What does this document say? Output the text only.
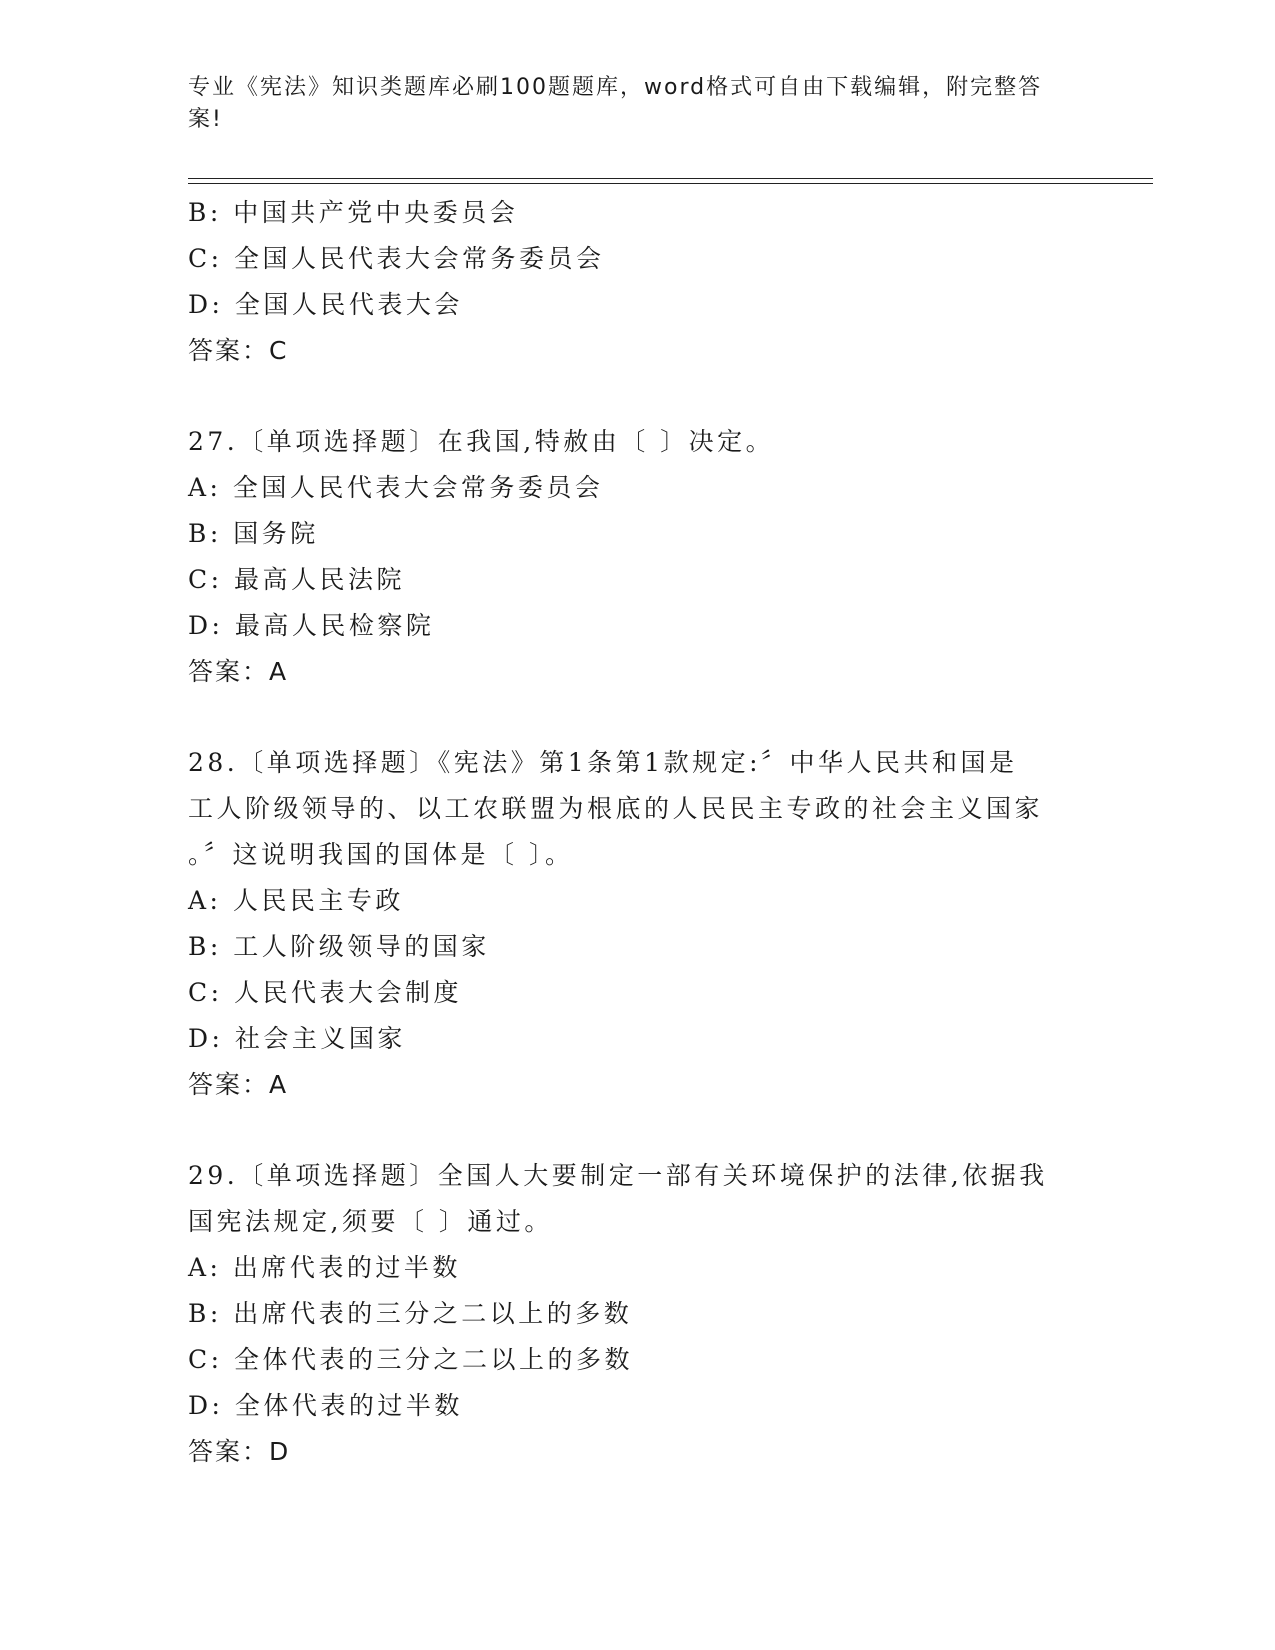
专业《宪法》知识类题库必刷100题题库，word格式可自由下载编辑，附完整答
案!
B: 中国共产党中央委员会
C: 全国人民代表大会常务委员会
D: 全国人民代表大会
答案：C
27.〔单项选择题〕在我国,特赦由〔 〕决定。
A: 全国人民代表大会常务委员会
B: 国务院
C: 最高人民法院
D: 最高人民检察院
答案：A
28.〔单项选择题〕《宪法》第1条第1款规定:〞中华人民共和国是
工人阶级领导的、以工农联盟为根底的人民民主专政的社会主义国家
。〞这说明我国的国体是〔 〕。
A: 人民民主专政
B: 工人阶级领导的国家
C: 人民代表大会制度
D: 社会主义国家
答案：A
29.〔单项选择题〕全国人大要制定一部有关环境保护的法律,依据我
国宪法规定,须要〔 〕通过。
A: 出席代表的过半数
B: 出席代表的三分之二以上的多数
C: 全体代表的三分之二以上的多数
D: 全体代表的过半数
答案：D
